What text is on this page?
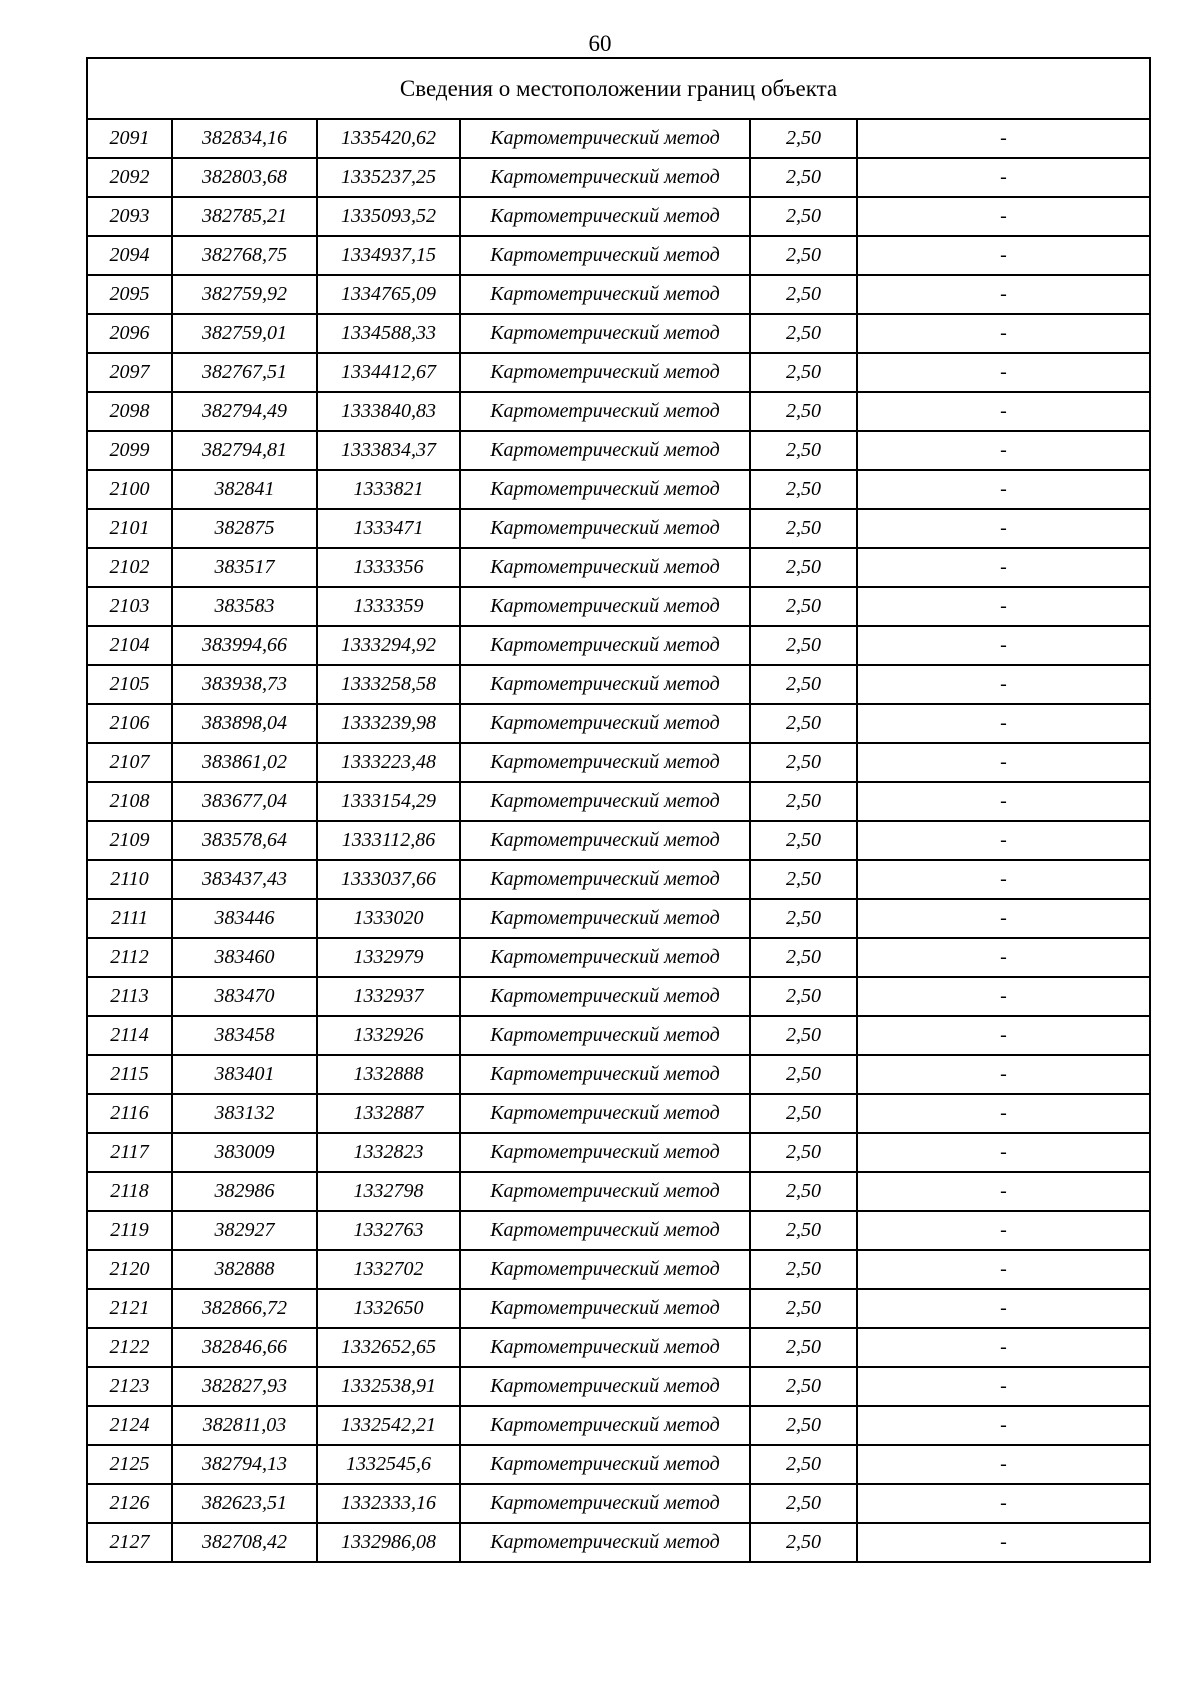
60
Сведения о местоположении границ объекта					
2091	382834,16	1335420,62	Картометрический метод	2,50	-
2092	382803,68	1335237,25	Картометрический метод	2,50	-
2093	382785,21	1335093,52	Картометрический метод	2,50	-
2094	382768,75	1334937,15	Картометрический метод	2,50	-
2095	382759,92	1334765,09	Картометрический метод	2,50	-
2096	382759,01	1334588,33	Картометрический метод	2,50	-
2097	382767,51	1334412,67	Картометрический метод	2,50	-
2098	382794,49	1333840,83	Картометрический метод	2,50	-
2099	382794,81	1333834,37	Картометрический метод	2,50	-
2100	382841	1333821	Картометрический метод	2,50	-
2101	382875	1333471	Картометрический метод	2,50	-
2102	383517	1333356	Картометрический метод	2,50	-
2103	383583	1333359	Картометрический метод	2,50	-
2104	383994,66	1333294,92	Картометрический метод	2,50	-
2105	383938,73	1333258,58	Картометрический метод	2,50	-
2106	383898,04	1333239,98	Картометрический метод	2,50	-
2107	383861,02	1333223,48	Картометрический метод	2,50	-
2108	383677,04	1333154,29	Картометрический метод	2,50	-
2109	383578,64	1333112,86	Картометрический метод	2,50	-
2110	383437,43	1333037,66	Картометрический метод	2,50	-
2111	383446	1333020	Картометрический метод	2,50	-
2112	383460	1332979	Картометрический метод	2,50	-
2113	383470	1332937	Картометрический метод	2,50	-
2114	383458	1332926	Картометрический метод	2,50	-
2115	383401	1332888	Картометрический метод	2,50	-
2116	383132	1332887	Картометрический метод	2,50	-
2117	383009	1332823	Картометрический метод	2,50	-
2118	382986	1332798	Картометрический метод	2,50	-
2119	382927	1332763	Картометрический метод	2,50	-
2120	382888	1332702	Картометрический метод	2,50	-
2121	382866,72	1332650	Картометрический метод	2,50	-
2122	382846,66	1332652,65	Картометрический метод	2,50	-
2123	382827,93	1332538,91	Картометрический метод	2,50	-
2124	382811,03	1332542,21	Картометрический метод	2,50	-
2125	382794,13	1332545,6	Картометрический метод	2,50	-
2126	382623,51	1332333,16	Картометрический метод	2,50	-
2127	382708,42	1332986,08	Картометрический метод	2,50	-
